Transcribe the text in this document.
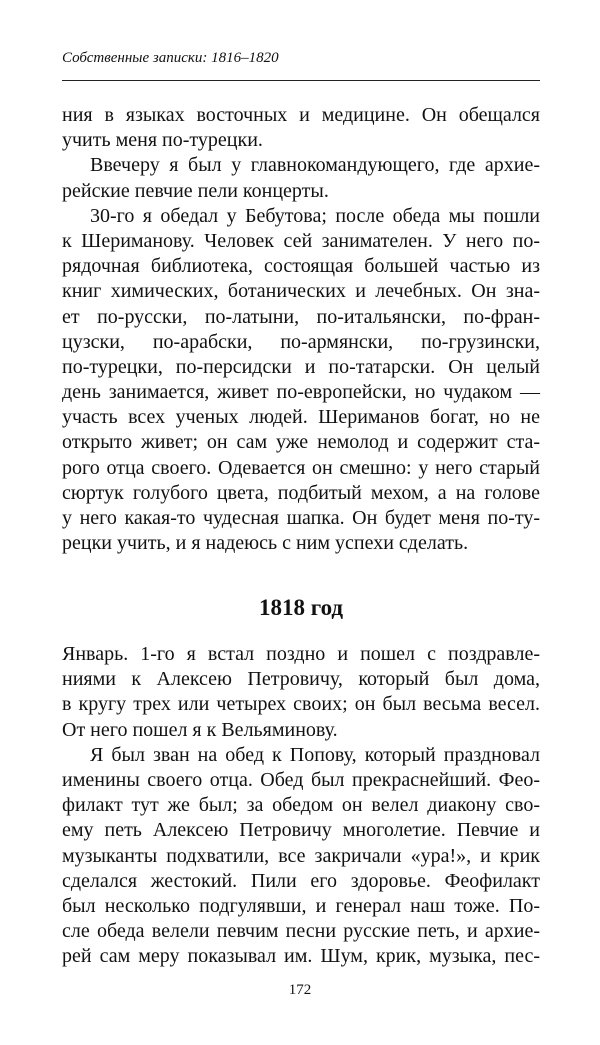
Собственные записки: 1816–1820
ния в языках восточных и медицине. Он обещался
учить меня по-турецки.
Ввечеру я был у главнокомандующего, где архие-
рейские певчие пели концерты.
30-го я обедал у Бебутова; после обеда мы пошли
к Шериманову. Человек сей занимателен. У него по-
рядочная библиотека, состоящая большей частью из
книг химических, ботанических и лечебных. Он зна-
ет по-русски, по-латыни, по-итальянски, по-фран-
цузски, по-арабски, по-армянски, по-грузински,
по-турецки, по-персидски и по-татарски. Он целый
день занимается, живет по-европейски, но чудаком —
участь всех ученых людей. Шериманов богат, но не
открыто живет; он сам уже немолод и содержит ста-
рого отца своего. Одевается он смешно: у него старый
сюртук голубого цвета, подбитый мехом, а на голове
у него какая-то чудесная шапка. Он будет меня по-ту-
рецки учить, и я надеюсь с ним успехи сделать.
1818 год
Январь. 1-го я встал поздно и пошел с поздравле-
ниями к Алексею Петровичу, который был дома,
в кругу трех или четырех своих; он был весьма весел.
От него пошел я к Вельяминову.
Я был зван на обед к Попову, который праздновал
именины своего отца. Обед был прекраснейший. Фео-
филакт тут же был; за обедом он велел диакону сво-
ему петь Алексею Петровичу многолетие. Певчие и
музыканты подхватили, все закричали «ура!», и крик
сделался жестокий. Пили его здоровье. Феофилакт
был несколько подгулявши, и генерал наш тоже. По-
сле обеда велели певчим песни русские петь, и архие-
рей сам меру показывал им. Шум, крик, музыка, пес-
172
